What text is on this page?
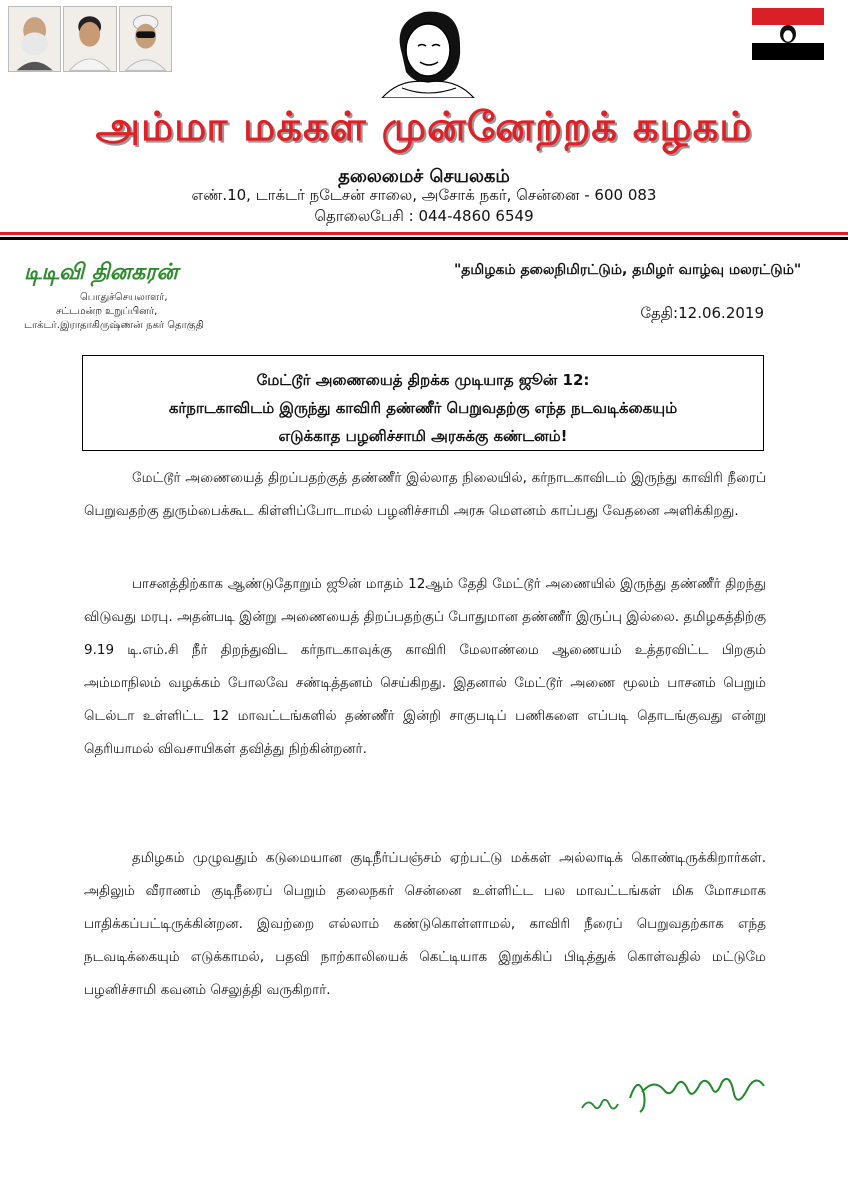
அம்மா மக்கள் முன்னேற்றக் கழகம்
தலைமைச் செயலகம்
எண்.10, டாக்டர் நடேசன் சாலை, அசோக் நகர், சென்னை - 600 083
தொலைபேசி : 044-4860 6549
டிடிவி தினகரன்
பொதுச்செயலாளர்,
சட்டமன்ற உறுப்பினர்,
டாக்டர்.இராதாகிருஷ்ணன் நகர் தொகுதி
"தமிழகம் தலைநிமிரட்டும், தமிழர் வாழ்வு மலரட்டும்"
தேதி:12.06.2019
மேட்டூர் அணையைத் திறக்க முடியாத ஜூன் 12:
கர்நாடகாவிடம் இருந்து காவிரி தண்ணீர் பெறுவதற்கு எந்த நடவடிக்கையும்
எடுக்காத பழனிச்சாமி அரசுக்கு கண்டனம்!

மேட்டூர் அணையைத் திறப்பதற்குத் தண்ணீர் இல்லாத நிலையில், கர்நாடகாவிடம் இருந்து காவிரி நீரைப் பெறுவதற்கு துரும்பைக்கூட கிள்ளிப்போடாமல் பழனிச்சாமி அரசு மௌனம் காப்பது வேதனை அளிக்கிறது.

பாசனத்திற்காக ஆண்டுதோறும் ஜூன் மாதம் 12ஆம் தேதி மேட்டூர் அணையில் இருந்து தண்ணீர் திறந்து விடுவது மரபு. அதன்படி இன்று அணையைத் திறப்பதற்குப் போதுமான தண்ணீர் இருப்பு இல்லை. தமிழகத்திற்கு 9.19 டி.எம்.சி நீர் திறந்துவிட கர்நாடகாவுக்கு காவிரி மேலாண்மை ஆணையம் உத்தரவிட்ட பிறகும் அம்மாநிலம் வழக்கம் போலவே சண்டித்தனம் செய்கிறது. இதனால் மேட்டூர் அணை மூலம் பாசனம் பெறும் டெல்டா உள்ளிட்ட 12 மாவட்டங்களில் தண்ணீர் இன்றி சாகுபடிப் பணிகளை எப்படி தொடங்குவது என்று தெரியாமல் விவசாயிகள் தவித்து நிற்கின்றனர்.

தமிழகம் முழுவதும் கடுமையான குடிநீர்ப்பஞ்சம் ஏற்பட்டு மக்கள் அல்லாடிக் கொண்டிருக்கிறார்கள். அதிலும் வீராணம் குடிநீரைப் பெறும் தலைநகர் சென்னை உள்ளிட்ட பல மாவட்டங்கள் மிக மோசமாக பாதிக்கப்பட்டிருக்கின்றன. இவற்றை எல்லாம் கண்டுகொள்ளாமல், காவிரி நீரைப் பெறுவதற்காக எந்த நடவடிக்கையும் எடுக்காமல், பதவி நாற்காலியைக் கெட்டியாக இறுக்கிப் பிடித்துக் கொள்வதில் மட்டுமே பழனிச்சாமி கவனம் செலுத்தி வருகிறார்.
